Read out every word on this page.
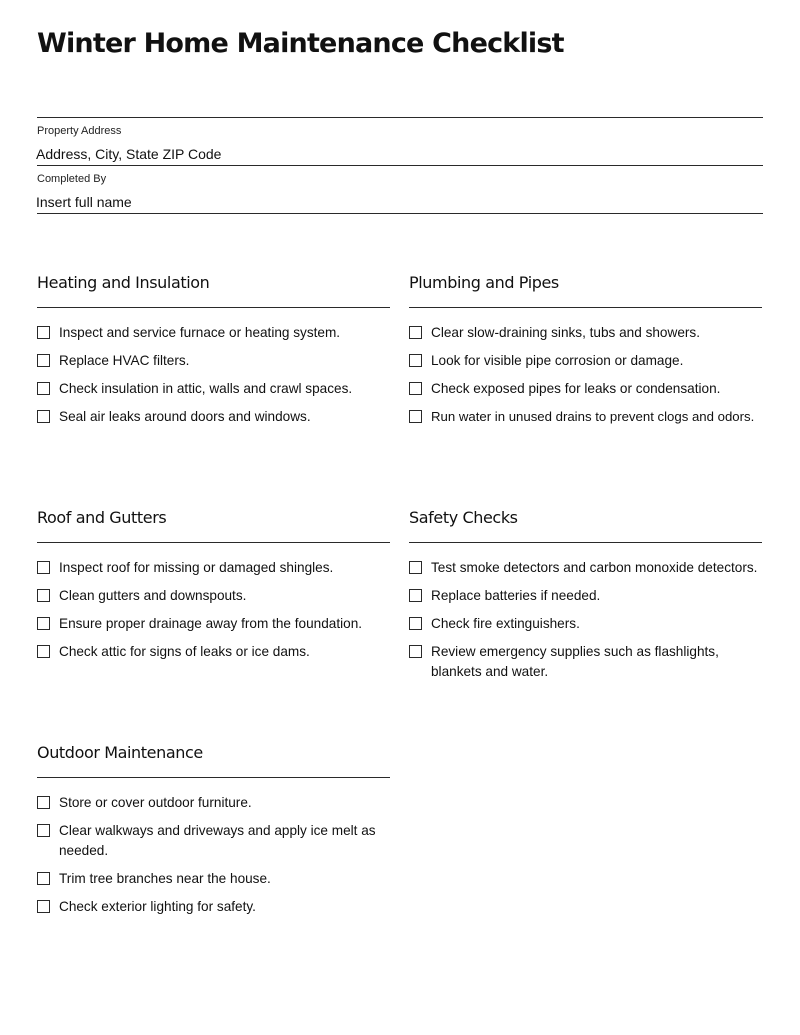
Winter Home Maintenance Checklist
Property Address
Address, City, State ZIP Code
Completed By
Insert full name
Heating and Insulation
Inspect and service furnace or heating system.
Replace HVAC filters.
Check insulation in attic, walls and crawl spaces.
Seal air leaks around doors and windows.
Plumbing and Pipes
Clear slow-draining sinks, tubs and showers.
Look for visible pipe corrosion or damage.
Check exposed pipes for leaks or condensation.
Run water in unused drains to prevent clogs and odors.
Roof and Gutters
Inspect roof for missing or damaged shingles.
Clean gutters and downspouts.
Ensure proper drainage away from the foundation.
Check attic for signs of leaks or ice dams.
Safety Checks
Test smoke detectors and carbon monoxide detectors.
Replace batteries if needed.
Check fire extinguishers.
Review emergency supplies such as flashlights, blankets and water.
Outdoor Maintenance
Store or cover outdoor furniture.
Clear walkways and driveways and apply ice melt as needed.
Trim tree branches near the house.
Check exterior lighting for safety.
